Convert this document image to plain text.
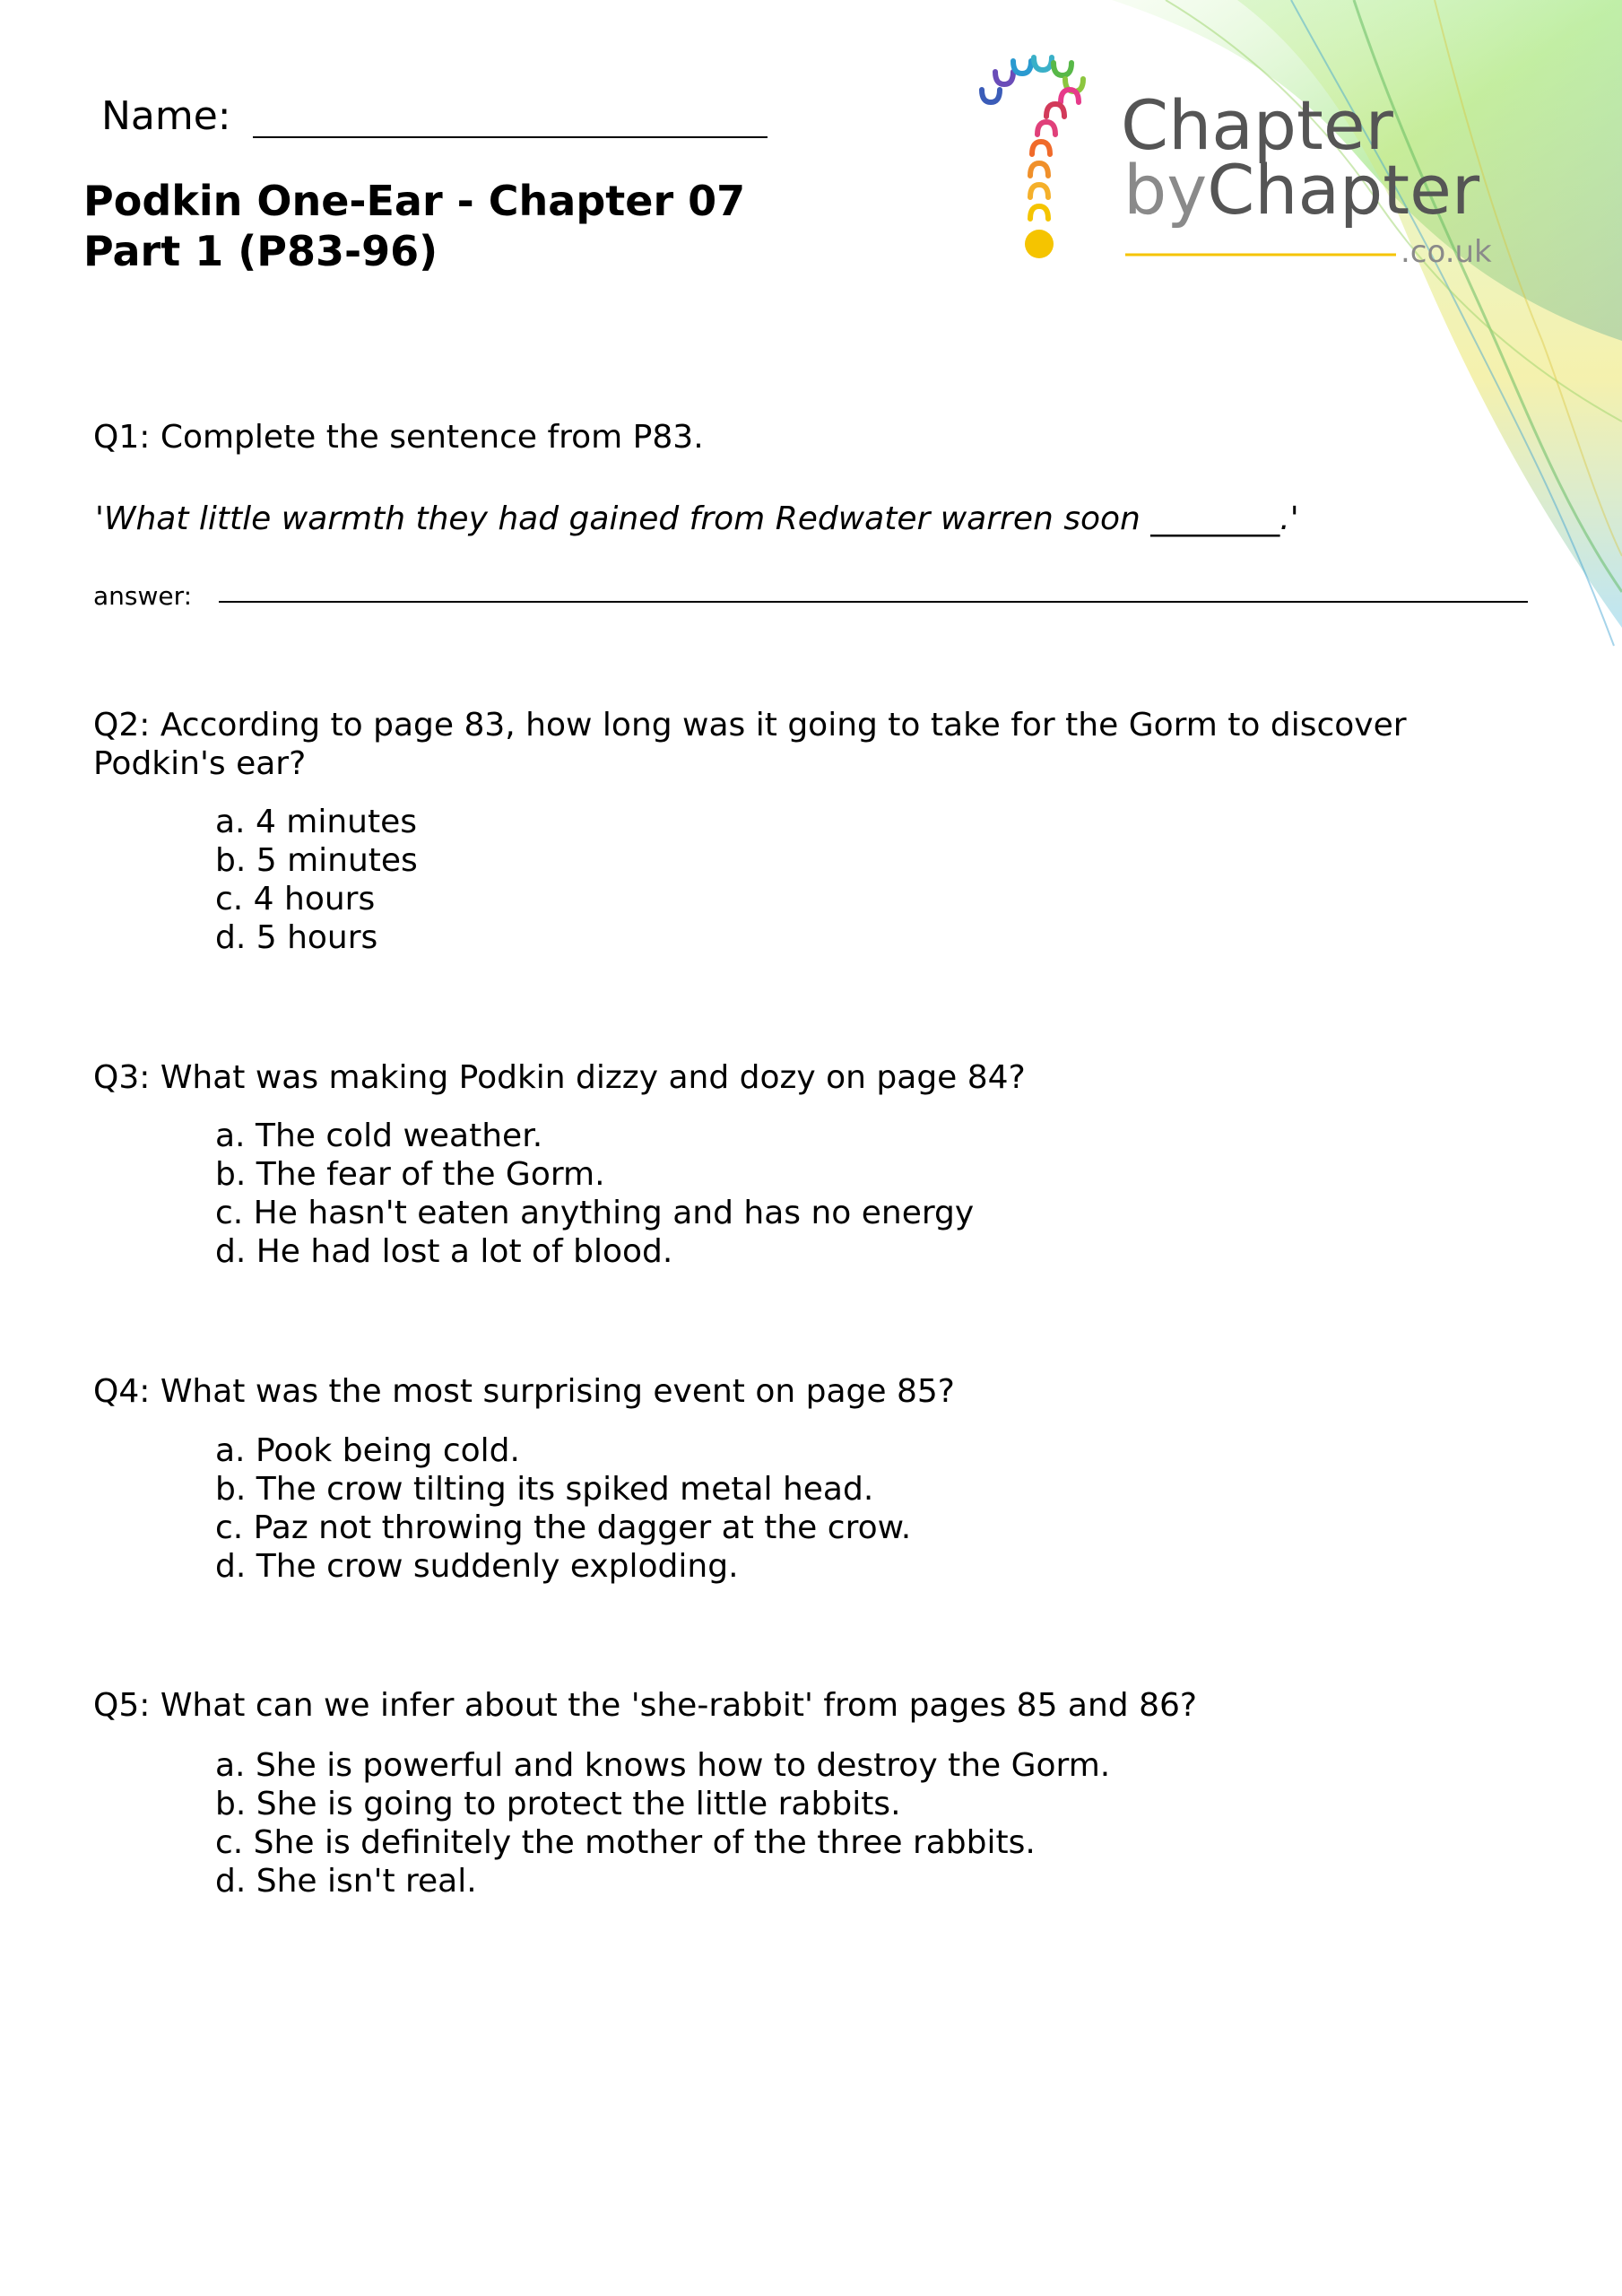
Name:
Podkin One-Ear - Chapter 07
Part 1 (P83-96)
Chapter
byChapter
.co.uk
Q1: Complete the sentence from P83.
'What little warmth they had gained from Redwater warren soon ________.'
answer:
Q2: According to page 83, how long was it going to take for the Gorm to discover Podkin's ear?
a. 4 minutes
b. 5 minutes
c. 4 hours
d. 5 hours
Q3: What was making Podkin dizzy and dozy on page 84?
a. The cold weather.
b. The fear of the Gorm.
c. He hasn't eaten anything and has no energy
d. He had lost a lot of blood.
Q4: What was the most surprising event on page 85?
a. Pook being cold.
b. The crow tilting its spiked metal head.
c. Paz not throwing the dagger at the crow.
d. The crow suddenly exploding.
Q5: What can we infer about the 'she-rabbit' from pages 85 and 86?
a. She is powerful and knows how to destroy the Gorm.
b. She is going to protect the little rabbits.
c. She is definitely the mother of the three rabbits.
d. She isn't real.
